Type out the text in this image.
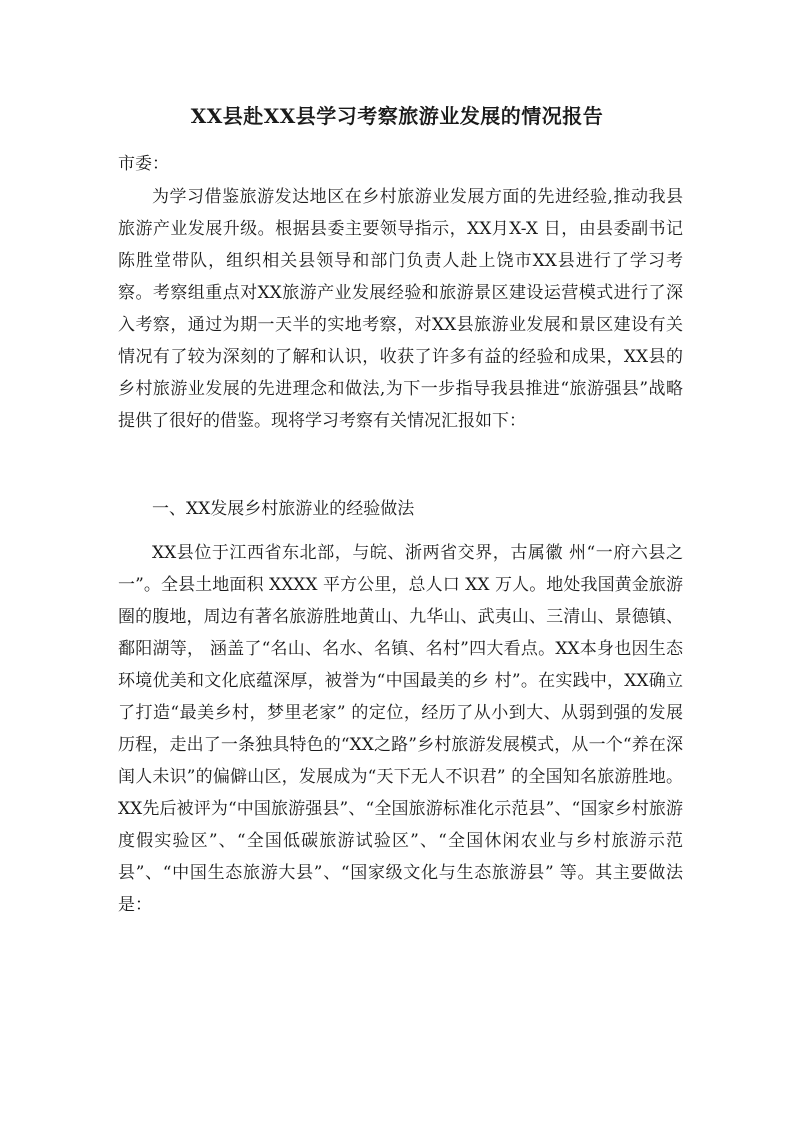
XX县赴XX县学习考察旅游业发展的情况报告
市委：
为学习借鉴旅游发达地区在乡村旅游业发展方面的先进经验,推动我县旅游产业发展升级。根据县委主要领导指示，XX月X-X 日，由县委副书记陈胜堂带队，组织相关县领导和部门负责人赴上饶市XX县进行了学习考察。考察组重点对XX旅游产业发展经验和旅游景区建设运营模式进行了深入考察，通过为期一天半的实地考察，对XX县旅游业发展和景区建设有关情况有了较为深刻的了解和认识，收获了许多有益的经验和成果，XX县的乡村旅游业发展的先进理念和做法,为下一步指导我县推进“旅游强县”战略提供了很好的借鉴。现将学习考察有关情况汇报如下：
一、XX发展乡村旅游业的经验做法
XX县位于江西省东北部，与皖、浙两省交界，古属徽 州“一府六县之一”。全县土地面积 XXXX 平方公里，总人口 XX 万人。地处我国黄金旅游圈的腹地，周边有著名旅游胜地黄山、九华山、武夷山、三清山、景德镇、鄱阳湖等， 涵盖了“名山、名水、名镇、名村”四大看点。XX本身也因生态环境优美和文化底蕴深厚，被誉为“中国最美的乡 村”。在实践中，XX确立了打造“最美乡村，梦里老家” 的定位，经历了从小到大、从弱到强的发展历程，走出了一条独具特色的“XX之路”乡村旅游发展模式，从一个“养在深闺人未识”的偏僻山区，发展成为“天下无人不识君” 的全国知名旅游胜地。XX先后被评为“中国旅游强县”、“全国旅游标准化示范县”、“国家乡村旅游度假实验区”、“全国低碳旅游试验区”、“全国休闲农业与乡村旅游示范县”、“中国生态旅游大县”、“国家级文化与生态旅游县” 等。其主要做法是：
